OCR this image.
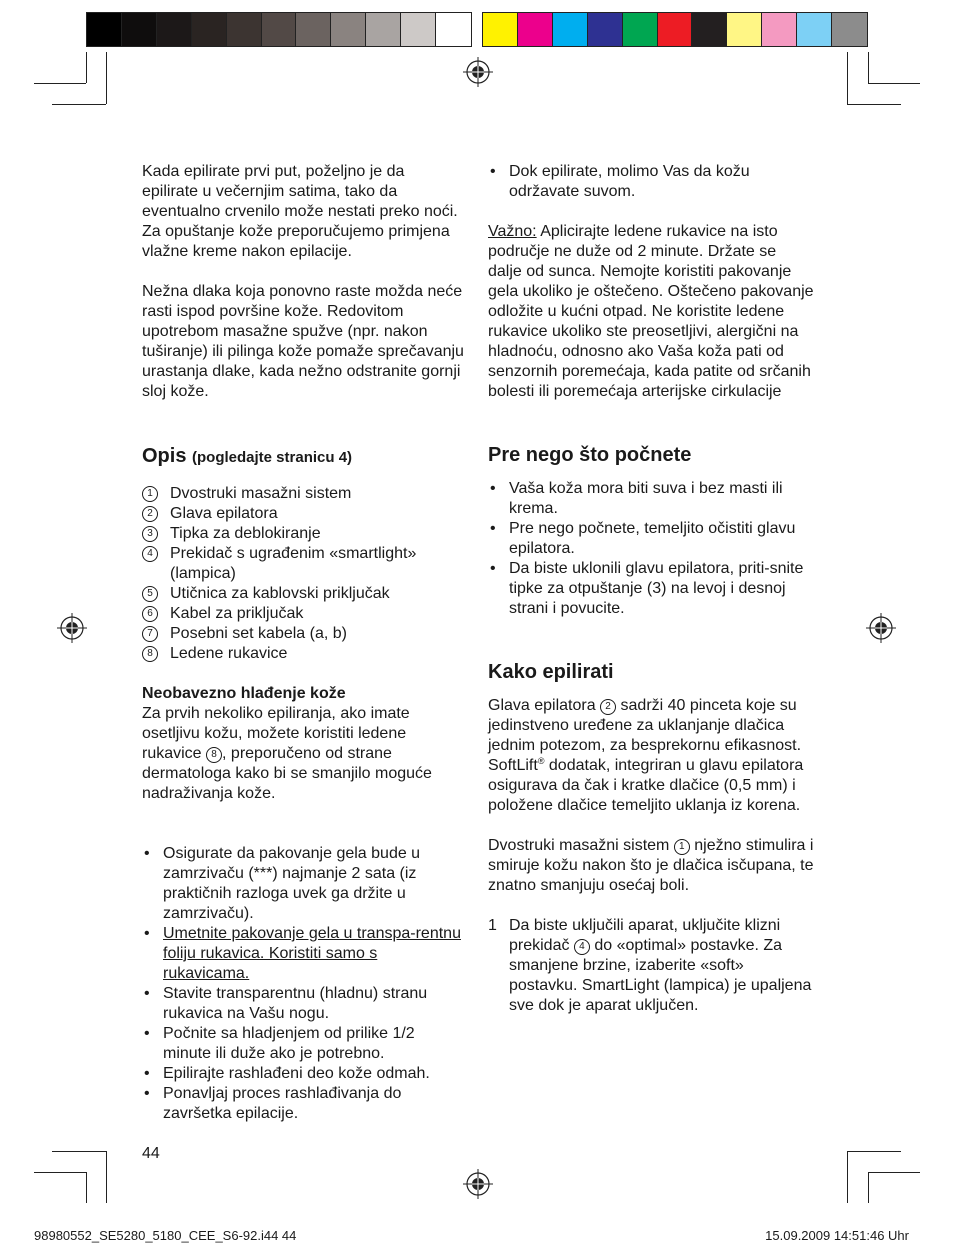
Kada epilirate prvi put, poželjno je da epilirate u večernjim satima, tako da eventualno crvenilo može nestati preko noći. Za opuštanje kože preporučujemo primjena vlažne kreme nakon epilacije.

Nežna dlaka koja ponovno raste možda neće rasti ispod površine kože. Redovitom upotrebom masažne spužve (npr. nakon tuširanje) ili pilinga kože pomaže sprečavanju urastanja dlake, kada nežno odstranite gornji sloj kože.

Opis (pogledajte stranicu 4)
1	Dvostruki masažni sistem
2	Glava epilatora
3	Tipka za deblokiranje
4	Prekidač s ugrađenim «smartlight» (lampica)
5	Utičnica za kablovski priključak
6	Kabel za priključak
7	Posebni set kabela (a, b)
8	Ledene rukavice

Neobavezno hlađenje kože

Za prvih nekoliko epiliranja, ako imate osetljivu kožu, možete koristiti ledene rukavice 8 , preporučeno od strane dermatologa kako bi se smanjilo moguće nadraživanja kože.

• Osigurate da pakovanje gela bude u zamrzivaču (***) najmanje 2 sata (iz praktičnih razloga uvek ga držite u zamrzivaču).
• Umetnite pakovanje gela u transpa-rentnu foliju rukavica. Koristiti samo s rukavicama.
• Stavite transparentnu (hladnu) stranu rukavica na Vašu nogu.
• Počnite sa hladjenjem od prilike 1/2 minute ili duže ako je potrebno.
• Epilirajte rashlađeni deo kože odmah.
• Ponavljaj proces rashlađivanja do završetka epilacije.

44

• Dok epilirate, molimo Vas da kožu održavate suvom.

Važno: Aplicirajte ledene rukavice na isto područje ne duže od 2 minute. Držate se dalje od sunca. Nemojte koristiti pakovanje gela ukoliko je oštečeno. Oštečeno pakovanje odložite u kućni otpad. Ne koristite ledene rukavice ukoliko ste preosetljivi, alergični na hladnoću, odnosno ako Vaša koža pati od senzornih poremećaja, kada patite od srčanih bolesti ili poremećaja arterijske cirkulacije

Pre nego što počnete
• Vaša koža mora biti suva i bez masti ili krema.
• Pre nego počnete, temeljito očistiti glavu epilatora.
• Da biste uklonili glavu epilatora, priti-snite tipke za otpuštanje (3) na levoj i desnoj strani i povucite.
Kako epilirati

Glava epilatora 2 sadrži 40 pinceta koje su jedinstveno uređene za uklanjanje dlačica jednim potezom, za besprekornu efikasnost. SoftLift® dodatak, integriran u glavu epilatora osigurava da čak i kratke dlačice (0,5 mm) i položene dlačice temeljito uklanja iz korena.

Dvostruki masažni sistem 1 nježno stimulira i smiruje kožu nakon što je dlačica isčupana, te znatno smanjuju osećaj boli.

1 Da biste uključili aparat, uključite klizni prekidač 4 do «optimal» postavke. Za smanjene brzine, izaberite «soft» postavku. SmartLight (lampica) je upaljena sve dok je aparat uključen.
98980552_SE5280_5180_CEE_S6-92.i44 44	15.09.2009 14:51:46 Uhr
